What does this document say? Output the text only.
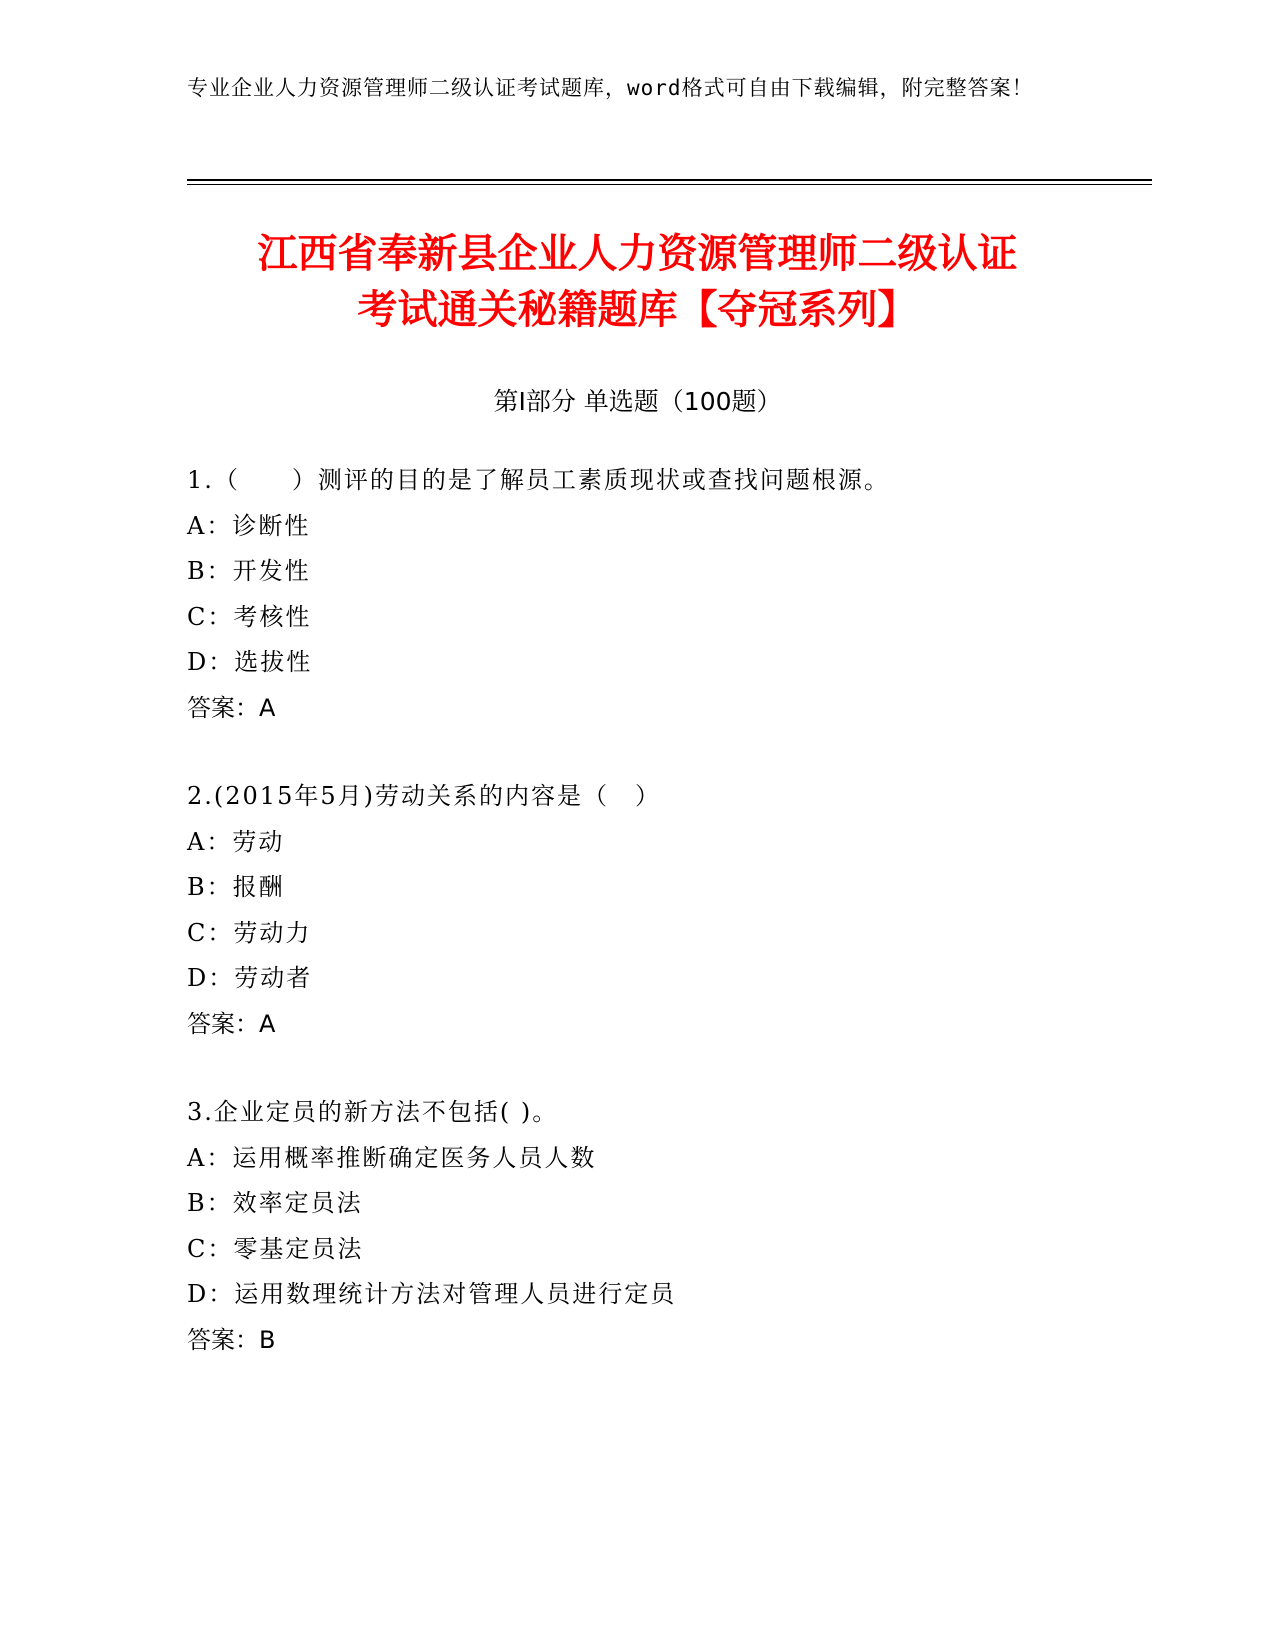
专业企业人力资源管理师二级认证考试题库，word格式可自由下载编辑，附完整答案！
江西省奉新县企业人力资源管理师二级认证
考试通关秘籍题库【夺冠系列】
第Ⅰ部分 单选题（100题）
1.（　　）测评的目的是了解员工素质现状或查找问题根源。
A：诊断性
B：开发性
C：考核性
D：选拔性
答案：A
2.(2015年5月)劳动关系的内容是（　）
A：劳动
B：报酬
C：劳动力
D：劳动者
答案：A
3.企业定员的新方法不包括( )。
A：运用概率推断确定医务人员人数
B：效率定员法
C：零基定员法
D：运用数理统计方法对管理人员进行定员
答案：B
